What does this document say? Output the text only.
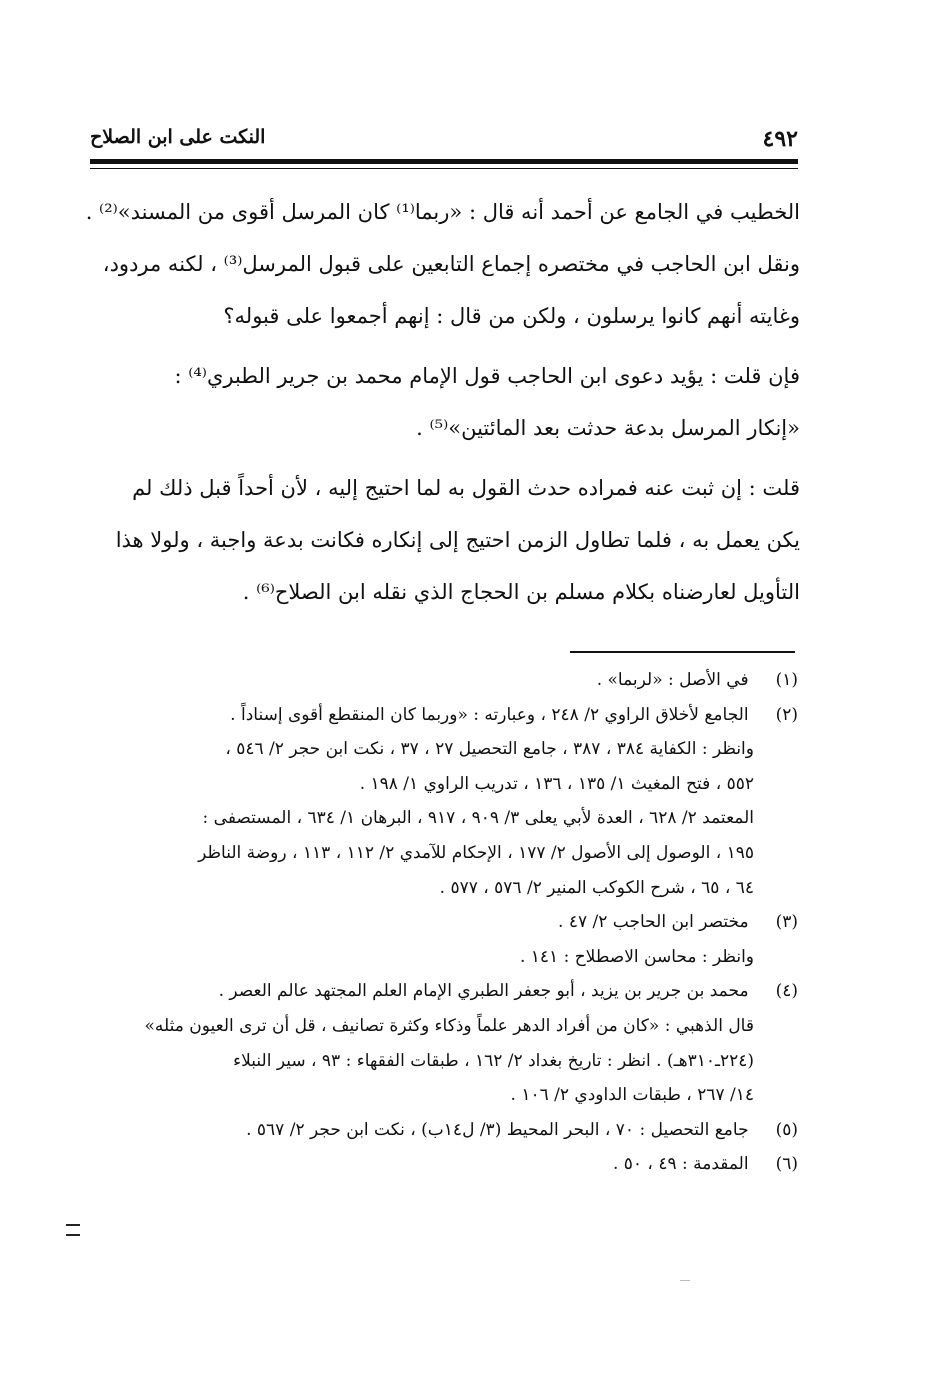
٤٩٢
النكت على ابن الصلاح
الخطيب في الجامع عن أحمد أنه قال : «ربما⁽¹⁾ كان المرسل أقوى من المسند»⁽²⁾ .
ونقل ابن الحاجب في مختصره إجماع التابعين على قبول المرسل⁽³⁾ ، لكنه مردود،
وغايته أنهم كانوا يرسلون ، ولكن من قال : إنهم أجمعوا على قبوله؟
فإن قلت : يؤيد دعوى ابن الحاجب قول الإمام محمد بن جرير الطبري⁽⁴⁾ :
«إنكار المرسل بدعة حدثت بعد المائتين»⁽⁵⁾ .
قلت : إن ثبت عنه فمراده حدث القول به لما احتيج إليه ، لأن أحداً قبل ذلك لم
يكن يعمل به ، فلما تطاول الزمن احتيج إلى إنكاره فكانت بدعة واجبة ، ولولا هذا
التأويل لعارضناه بكلام مسلم بن الحجاج الذي نقله ابن الصلاح⁽⁶⁾ .
(١) في الأصل : «لربما» .
(٢) الجامع لأخلاق الراوي ٢/ ٢٤٨ ، وعبارته : «وربما كان المنقطع أقوى إسناداً .
وانظر : الكفاية ٣٨٤ ، ٣٨٧ ، جامع التحصيل ٢٧ ، ٣٧ ، نكت ابن حجر ٢/ ٥٤٦ ،
٥٥٢ ، فتح المغيث ١/ ١٣٥ ، ١٣٦ ، تدريب الراوي ١/ ١٩٨ .
المعتمد ٢/ ٦٢٨ ، العدة لأبي يعلى ٣/ ٩٠٩ ، ٩١٧ ، البرهان ١/ ٦٣٤ ، المستصفى :
١٩٥ ، الوصول إلى الأصول ٢/ ١٧٧ ، الإحكام للآمدي ٢/ ١١٢ ، ١١٣ ، روضة الناظر
٦٤ ، ٦٥ ، شرح الكوكب المنير ٢/ ٥٧٦ ، ٥٧٧ .
(٣) مختصر ابن الحاجب ٢/ ٤٧ .
وانظر : محاسن الاصطلاح : ١٤١ .
(٤) محمد بن جرير بن يزيد ، أبو جعفر الطبري الإمام العلم المجتهد عالم العصر .
قال الذهبي : «كان من أفراد الدهر علماً وذكاء وكثرة تصانيف ، قل أن ترى العيون مثله»
(٢٢٤ـ٣١٠هـ) . انظر : تاريخ بغداد ٢/ ١٦٢ ، طبقات الفقهاء : ٩٣ ، سير النبلاء
١٤/ ٢٦٧ ، طبقات الداودي ٢/ ١٠٦ .
(٥) جامع التحصيل : ٧٠ ، البحر المحيط (٣/ ل١٤ب) ، نكت ابن حجر ٢/ ٥٦٧ .
(٦) المقدمة : ٤٩ ، ٥٠ .
